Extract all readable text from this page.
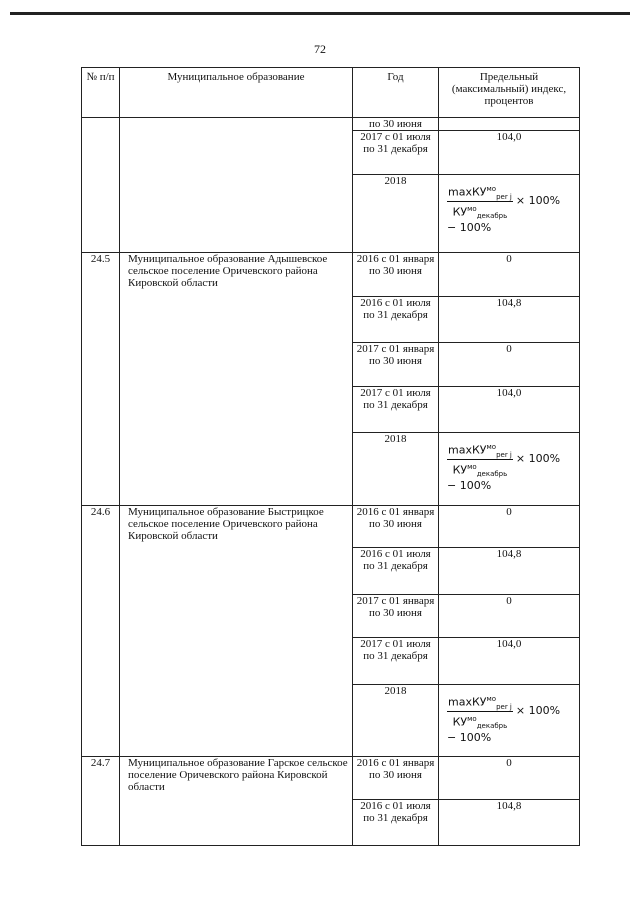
72
№ п/п	Муниципальное образование	Год	Предельный (максимальный) индекс, процентов
		по 30 июня	
		2017 с 01 июля по 31 декабря	104,0
		2018	$\frac{\max КУ^{мо}_{per j}}{КУ^{мо}_{декабрь}} \times 100\%$
− 100%

24.5	Муниципальное образование Адышевское сельское поселение Оричевского района Кировской области	2016 с 01 января по 30 июня	0
		2016 с 01 июля по 31 декабря	104,8
		2017 с 01 января по 30 июня	0
		2017 с 01 июля по 31 декабря	104,0
		2018	$\frac{\max КУ^{мо}_{per j}}{КУ^{мо}_{декабрь}} \times 100\%$
− 100%

24.6	Муниципальное образование Быстрицкое сельское поселение Оричевского района Кировской области	2016 с 01 января по 30 июня	0
		2016 с 01 июля по 31 декабря	104,8
		2017 с 01 января по 30 июня	0
		2017 с 01 июля по 31 декабря	104,0
		2018	$\frac{\max КУ^{мо}_{per j}}{КУ^{мо}_{декабрь}} \times 100\%$
− 100%

24.7	Муниципальное образование Гарское сельское поселение Оричевского района Кировской области	2016 с 01 января по 30 июня	0
		2016 с 01 июля по 31 декабря	104,8
